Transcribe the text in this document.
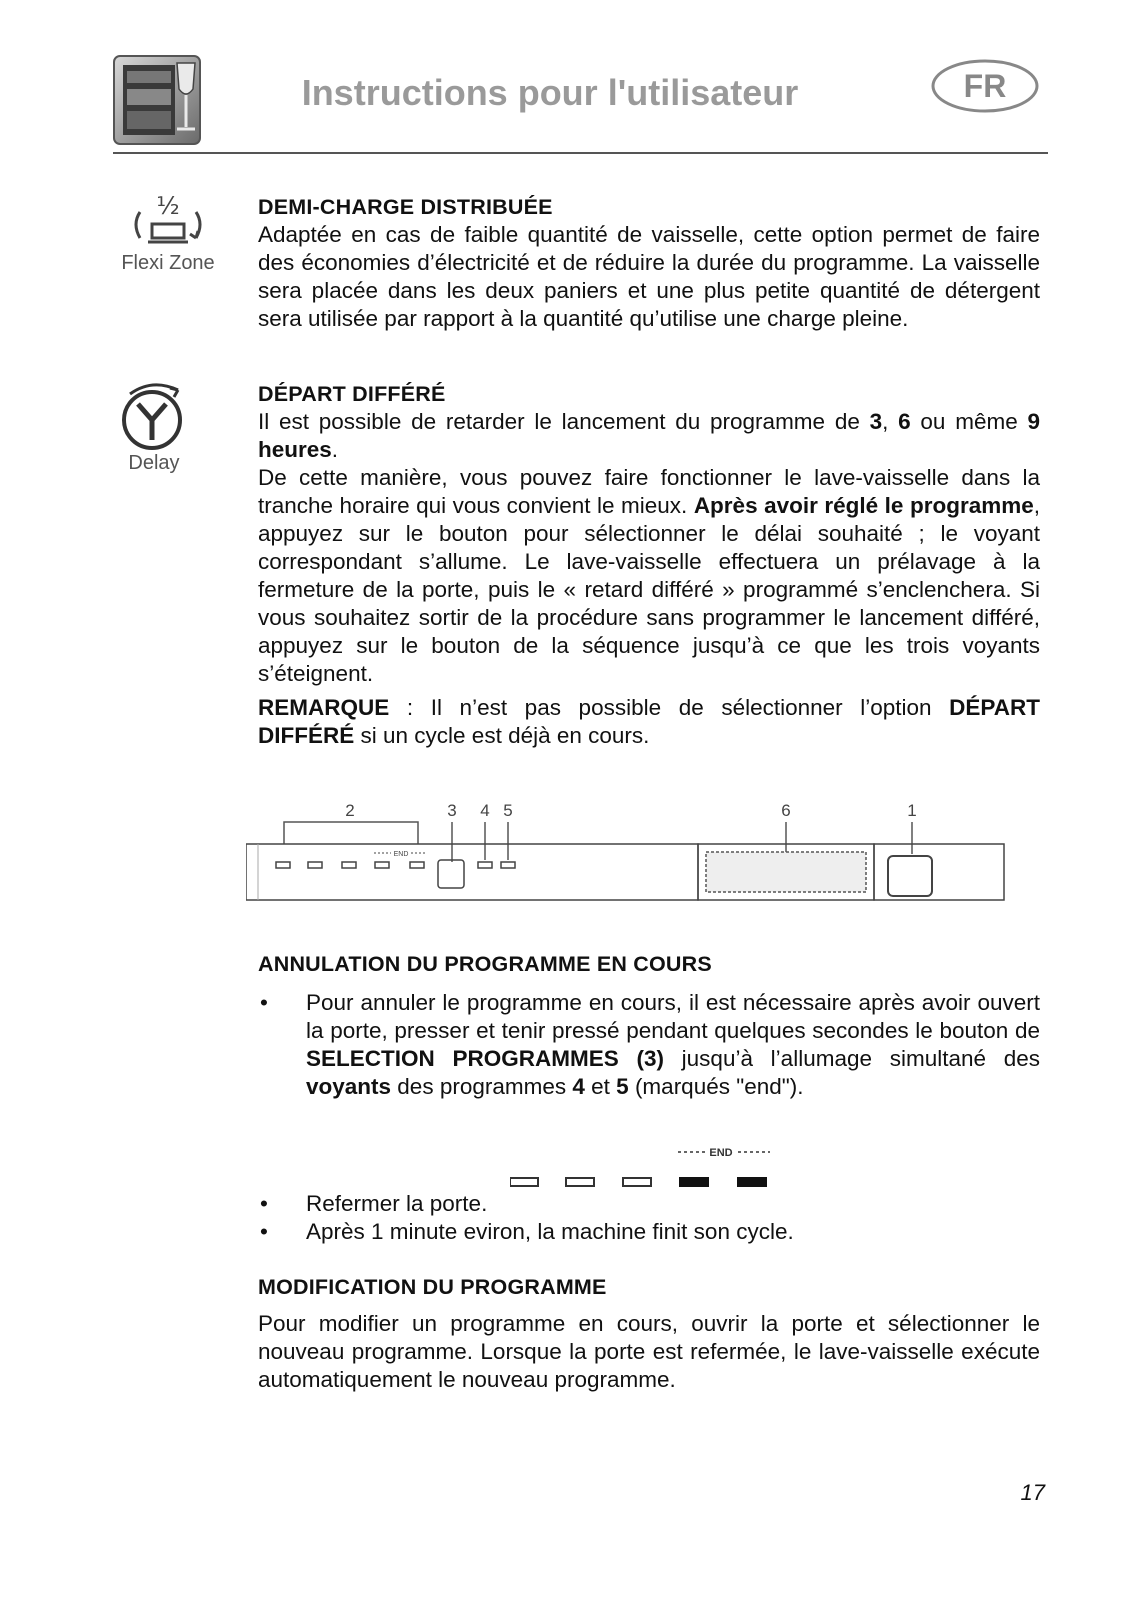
Instructions pour l'utilisateur	FR
½
Flexi Zone
Delay
DEMI-CHARGE DISTRIBUÉE

Adaptée en cas de faible quantité de vaisselle, cette option permet de faire des économies d’électricité et de réduire la durée du programme. La vaisselle sera placée dans les deux paniers et une plus petite quantité de détergent sera utilisée par rapport à la quantité qu’utilise une charge pleine.

DÉPART DIFFÉRÉ

Il est possible de retarder le lancement du programme de 3, 6 ou même 9 heures.

De cette manière, vous pouvez faire fonctionner le lave-vaisselle dans la tranche horaire qui vous convient le mieux. Après avoir réglé le programme, appuyez sur le bouton pour sélectionner le délai souhaité ; le voyant correspondant s’allume. Le lave-vaisselle effectuera un prélavage à la fermeture de la porte, puis le « retard différé » programmé s’enclenchera. Si vous souhaitez sortir de la procédure sans programmer le lancement différé, appuyez sur le bouton de la séquence jusqu’à ce que les trois voyants s’éteignent.

REMARQUE : Il n’est pas possible de sélectionner l’option DÉPART DIFFÉRÉ si un cycle est déjà en cours.

2	3 4 5	6	1
END
ANNULATION DU PROGRAMME EN COURS
• Pour annuler le programme en cours, il est nécessaire après avoir ouvert la porte, presser et tenir pressé pendant quelques secondes le bouton de SELECTION PROGRAMMES (3) jusqu’à l’allumage simultané des voyants des programmes 4 et 5 (marqués "end").
END
• Refermer la porte.
• Après 1 minute eviron, la machine finit son cycle.
MODIFICATION DU PROGRAMME

Pour modifier un programme en cours, ouvrir la porte et sélectionner le nouveau programme. Lorsque la porte est refermée, le lave-vaisselle exécute automatiquement le nouveau programme.

17
